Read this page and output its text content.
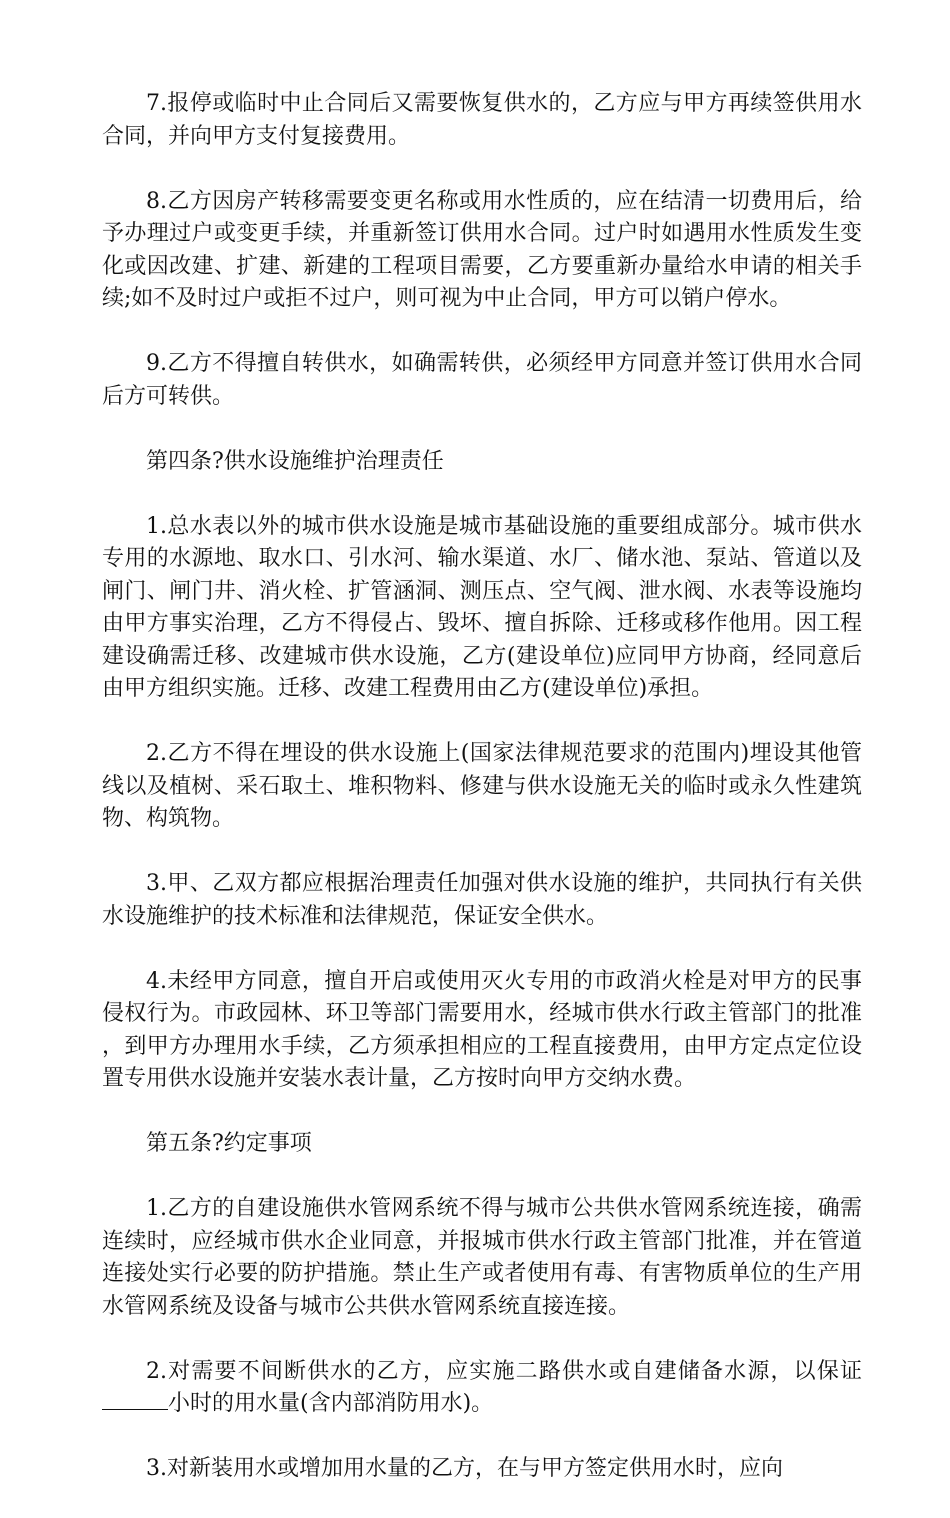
7.报停或临时中止合同后又需要恢复供水的，乙方应与甲方再续签供用水合同，并向甲方支付复接费用。

8.乙方因房产转移需要变更名称或用水性质的，应在结清一切费用后，给予办理过户或变更手续，并重新签订供用水合同。过户时如遇用水性质发生变化或因改建、扩建、新建的工程项目需要，乙方要重新办量给水申请的相关手续;如不及时过户或拒不过户，则可视为中止合同，甲方可以销户停水。

9.乙方不得擅自转供水，如确需转供，必须经甲方同意并签订供用水合同后方可转供。

第四条?供水设施维护治理责任

1.总水表以外的城市供水设施是城市基础设施的重要组成部分。城市供水专用的水源地、取水口、引水河、输水渠道、水厂、储水池、泵站、管道以及闸门、闸门井、消火栓、扩管涵洞、测压点、空气阀、泄水阀、水表等设施均由甲方事实治理，乙方不得侵占、毁坏、擅自拆除、迁移或移作他用。因工程建设确需迁移、改建城市供水设施，乙方(建设单位)应同甲方协商，经同意后由甲方组织实施。迁移、改建工程费用由乙方(建设单位)承担。

2.乙方不得在埋设的供水设施上(国家法律规范要求的范围内)埋设其他管线以及植树、采石取土、堆积物料、修建与供水设施无关的临时或永久性建筑物、构筑物。

3.甲、乙双方都应根据治理责任加强对供水设施的维护，共同执行有关供水设施维护的技术标准和法律规范，保证安全供水。

4.未经甲方同意，擅自开启或使用灭火专用的市政消火栓是对甲方的民事侵权行为。市政园林、环卫等部门需要用水，经城市供水行政主管部门的批准，到甲方办理用水手续，乙方须承担相应的工程直接费用，由甲方定点定位设置专用供水设施并安装水表计量，乙方按时向甲方交纳水费。

第五条?约定事项

1.乙方的自建设施供水管网系统不得与城市公共供水管网系统连接，确需连续时，应经城市供水企业同意，并报城市供水行政主管部门批准，并在管道连接处实行必要的防护措施。禁止生产或者使用有毒、有害物质单位的生产用水管网系统及设备与城市公共供水管网系统直接连接。

2.对需要不间断供水的乙方，应实施二路供水或自建储备水源，以保证小时的用水量(含内部消防用水)。

3.对新装用水或增加用水量的乙方，在与甲方签定供用水时，应向
